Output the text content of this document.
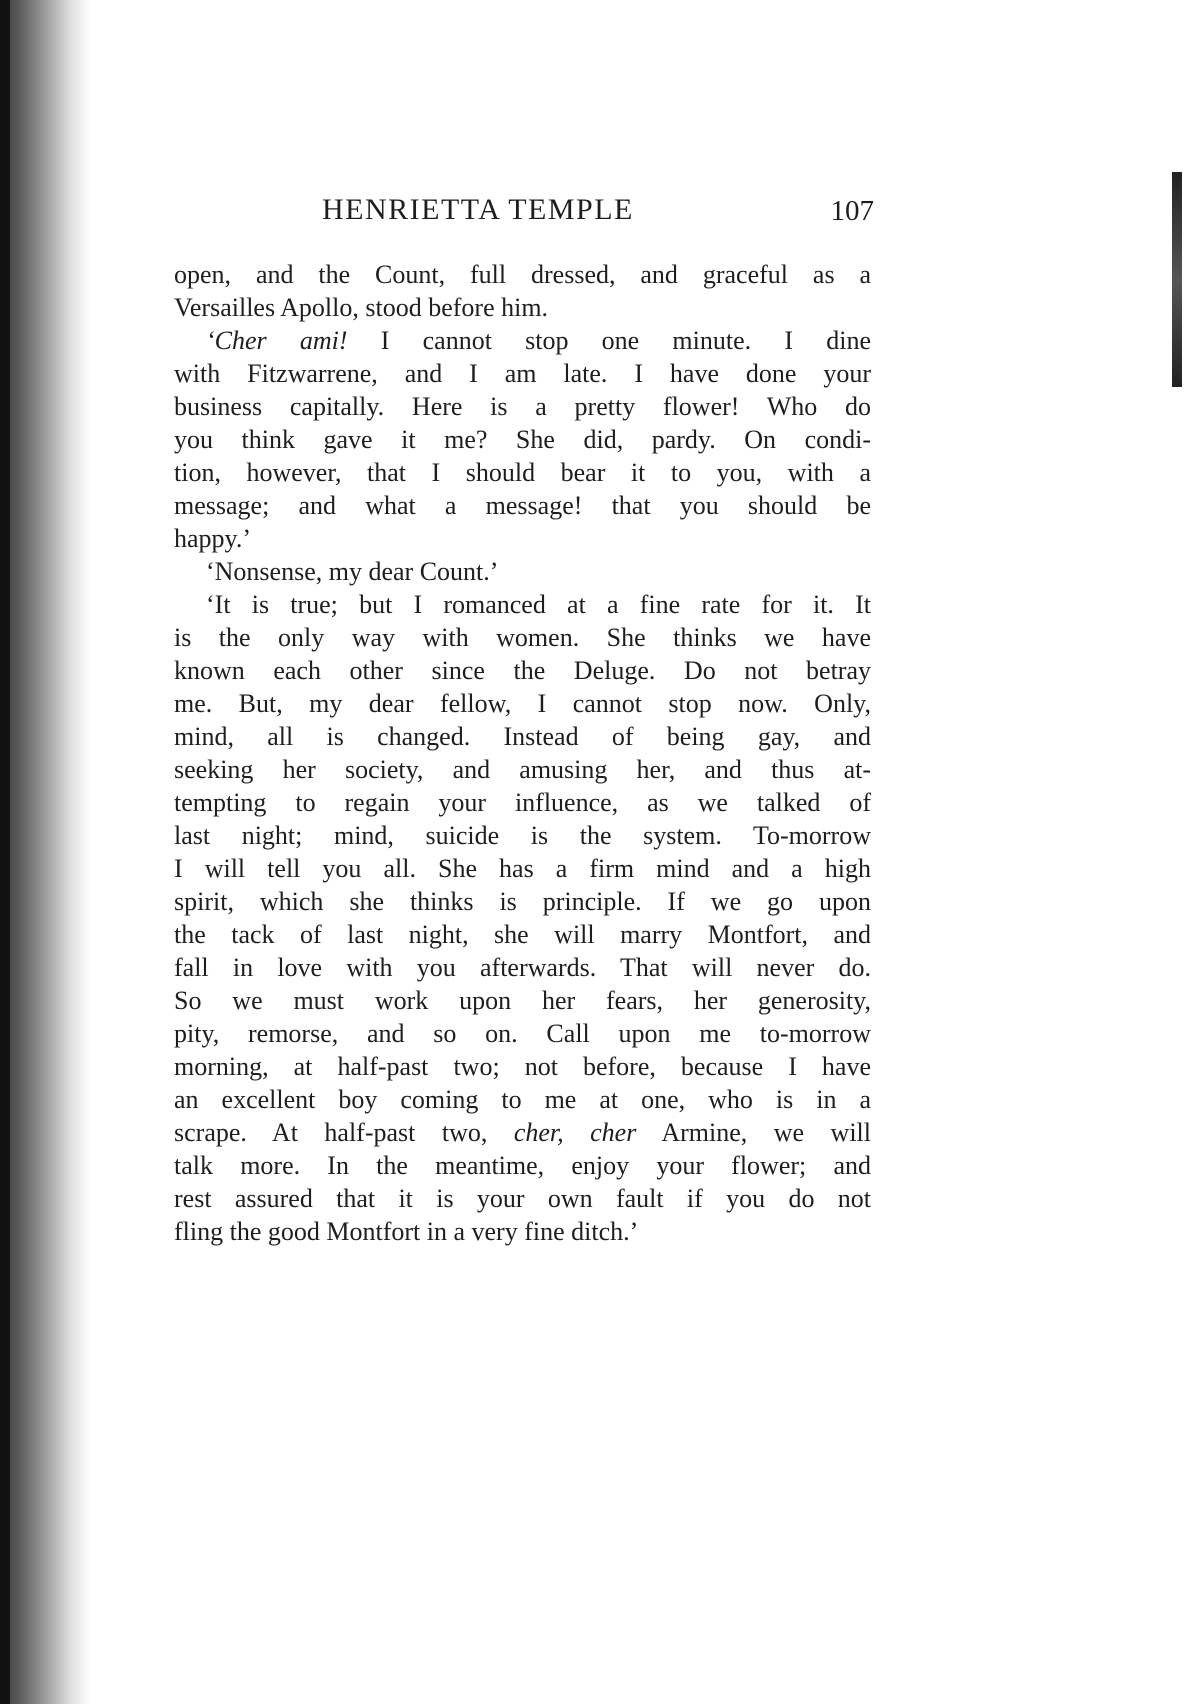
HENRIETTA TEMPLE	107
open, and the Count, full dressed, and graceful as a
Versailles Apollo, stood before him.
‘Cher ami! I cannot stop one minute. I dine
with Fitzwarrene, and I am late. I have done your
business capitally. Here is a pretty flower! Who do
you think gave it me? She did, pardy. On condi-
tion, however, that I should bear it to you, with a
message; and what a message! that you should be
happy.’
‘Nonsense, my dear Count.’
‘It is true; but I romanced at a fine rate for it. It
is the only way with women. She thinks we have
known each other since the Deluge. Do not betray
me. But, my dear fellow, I cannot stop now. Only,
mind, all is changed. Instead of being gay, and
seeking her society, and amusing her, and thus at-
tempting to regain your influence, as we talked of
last night; mind, suicide is the system. To-morrow
I will tell you all. She has a firm mind and a high
spirit, which she thinks is principle. If we go upon
the tack of last night, she will marry Montfort, and
fall in love with you afterwards. That will never do.
So we must work upon her fears, her generosity,
pity, remorse, and so on. Call upon me to-morrow
morning, at half-past two; not before, because I have
an excellent boy coming to me at one, who is in a
scrape. At half-past two, cher, cher Armine, we will
talk more. In the meantime, enjoy your flower; and
rest assured that it is your own fault if you do not
fling the good Montfort in a very fine ditch.’
